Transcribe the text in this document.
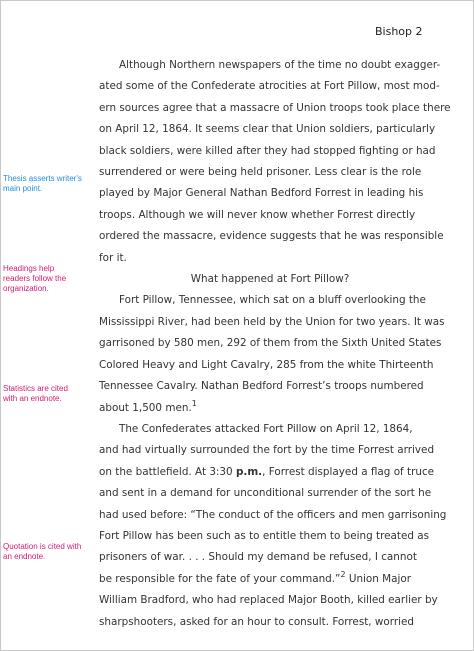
Bishop 2
Thesis asserts writer's main point.
Headings help readers follow the organization.
Statistics are cited with an endnote.
Quotation is cited with an endnote.

Although Northern newspapers of the time no doubt exagger-

ated some of the Confederate atrocities at Fort Pillow, most mod-

ern sources agree that a massacre of Union troops took place there

on April 12, 1864. It seems clear that Union soldiers, particularly

black soldiers, were killed after they had stopped fighting or had

surrendered or were being held prisoner. Less clear is the role

played by Major General Nathan Bedford Forrest in leading his

troops. Although we will never know whether Forrest directly

ordered the massacre, evidence suggests that he was responsible

for it.

What happened at Fort Pillow?

Fort Pillow, Tennessee, which sat on a bluff overlooking the

Mississippi River, had been held by the Union for two years. It was

garrisoned by 580 men, 292 of them from the Sixth United States

Colored Heavy and Light Cavalry, 285 from the white Thirteenth

Tennessee Cavalry. Nathan Bedford Forrest’s troops numbered

about 1,500 men.$^1$

The Confederates attacked Fort Pillow on April 12, 1864,

and had virtually surrounded the fort by the time Forrest arrived

on the battlefield. At 3:30 p.m., Forrest displayed a flag of truce

and sent in a demand for unconditional surrender of the sort he

had used before: “The conduct of the officers and men garrisoning

Fort Pillow has been such as to entitle them to being treated as

prisoners of war. . . . Should my demand be refused, I cannot

be responsible for the fate of your command.”$^2$ Union Major

William Bradford, who had replaced Major Booth, killed earlier by

sharpshooters, asked for an hour to consult. Forrest, worried
